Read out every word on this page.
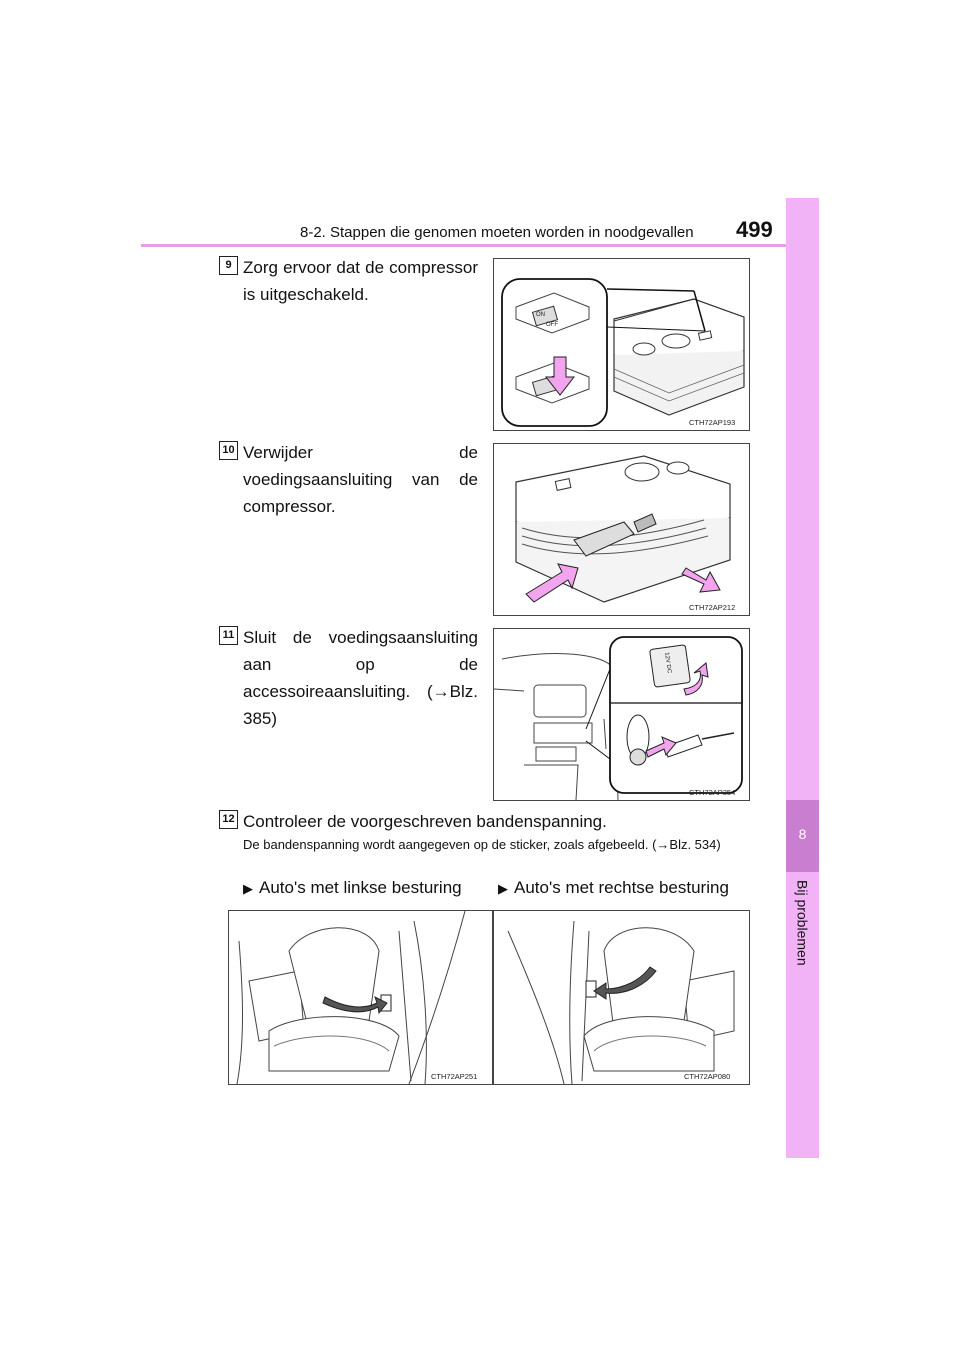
8-2. Stappen die genomen moeten worden in noodgevallen 499
8
Bij problemen
9 Zorg ervoor dat de compressor is uitgeschakeld.
ON
OFF
CTH72AP193
10 Verwijder de voedingsaansluiting van de compressor.
CTH72AP212
11 Sluit de voedingsaansluiting aan op de accessoireaansluiting. (→Blz. 385)
12V DC
CTH72AP354
12 Controleer de voorgeschreven bandenspanning.
De bandenspanning wordt aangegeven op de sticker, zoals afgebeeld. (→Blz. 534)
▶ Auto's met linkse besturing	▶ Auto's met rechtse besturing
CTH72AP251	CTH72AP080
